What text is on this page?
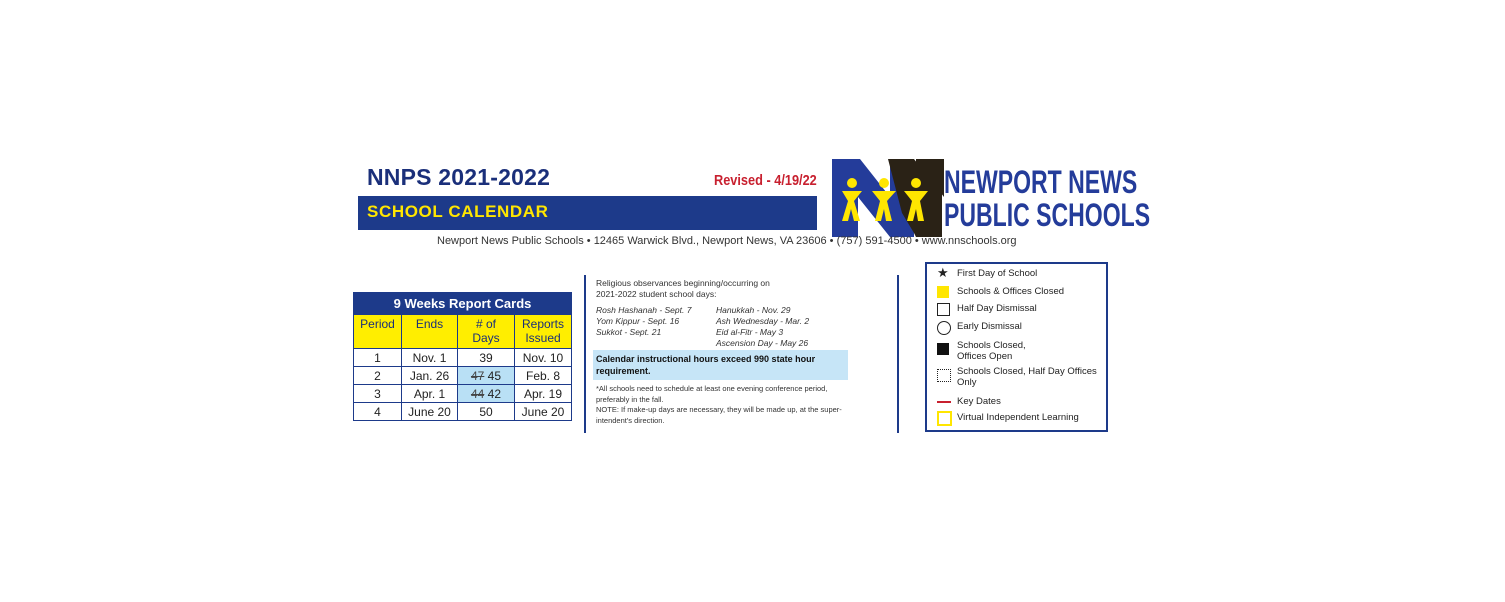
NNPS 2021-2022	Revised - 4/19/22
SCHOOL CALENDAR
NEWPORT NEWS
PUBLIC SCHOOLS
Newport News Public Schools • 12465 Warwick Blvd., Newport News, VA 23606 • (757) 591-4500 • www.nnschools.org
9 Weeks Report Cards			
Period	Ends	# of Days	Reports Issued
1	Nov. 1	39	Nov. 10
2	Jan. 26	47 45	Feb. 8
3	Apr. 1	44 42	Apr. 19
4	June 20	50	June 20
Religious observances beginning/occurring on
2021-2022 student school days:
Rosh Hashanah - Sept. 7
Yom Kippur - Sept. 16
Sukkot - Sept. 21
Hanukkah - Nov. 29
Ash Wednesday - Mar. 2
Eid al-Fitr - May 3
Ascension Day - May 26
Calendar instructional hours exceed 990 state hour requirement.
*All schools need to schedule at least one evening conference period,
preferably in the fall.
NOTE: If make-up days are necessary, they will be made up, at the super-
intendent's direction.
★ First Day of School
Schools & Offices Closed
Half Day Dismissal
Early Dismissal
Schools Closed,
Offices Open
Schools Closed, Half Day Offices
Only
Key Dates
Virtual Independent Learning
